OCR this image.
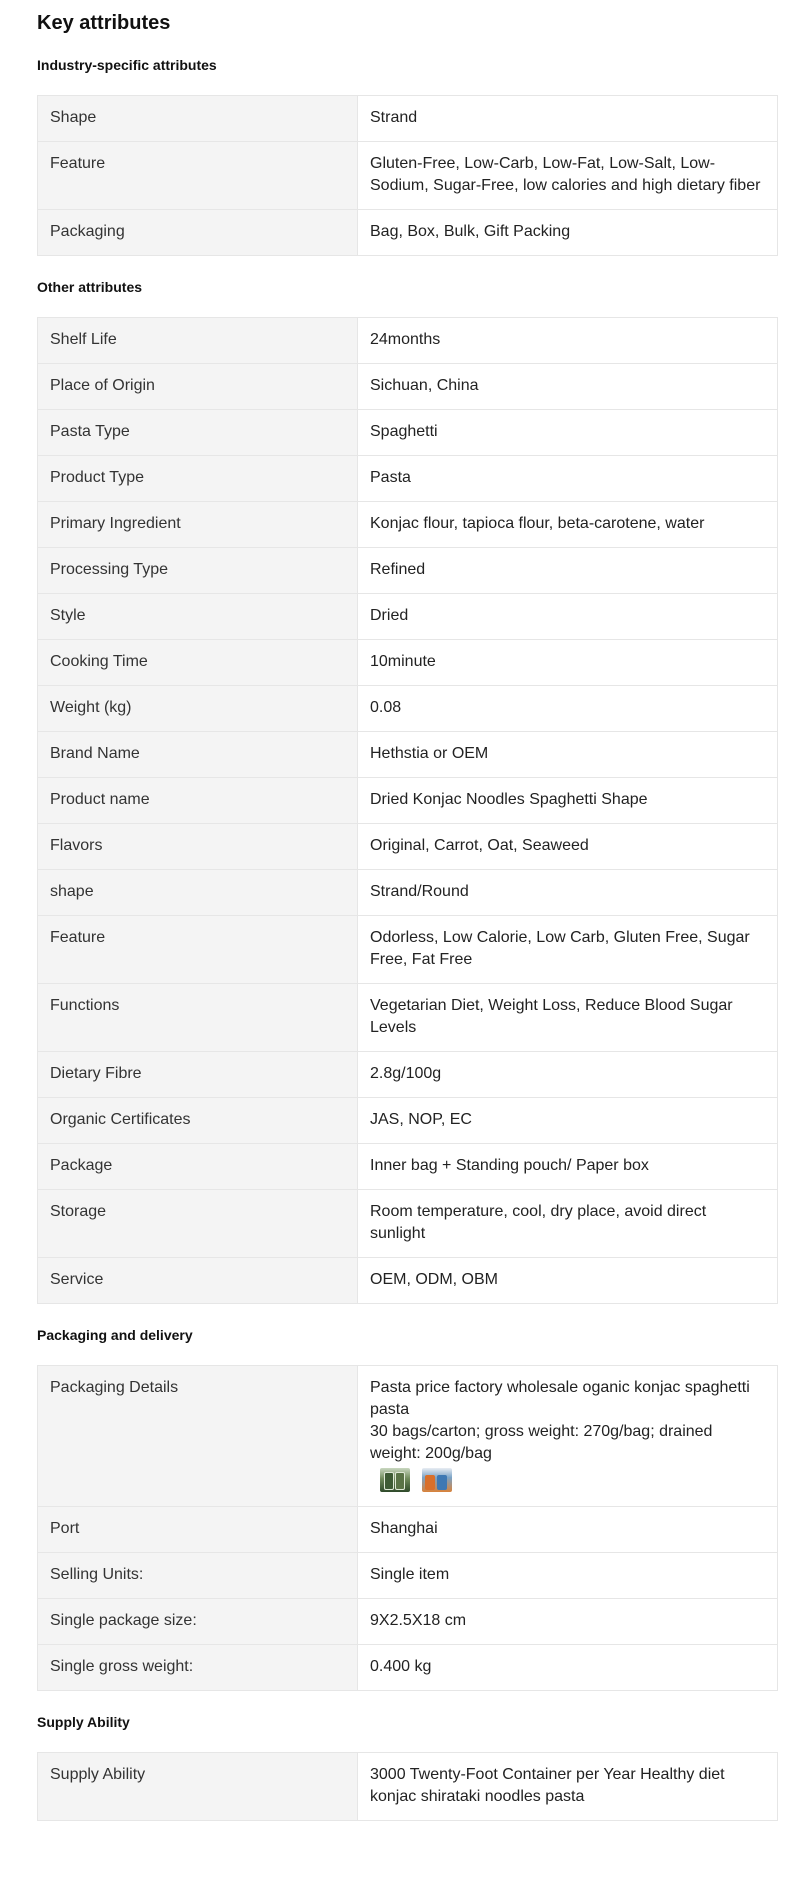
Key attributes
Industry-specific attributes
Shape	Strand
Feature	Gluten-Free, Low-Carb, Low-Fat, Low-Salt, Low-Sodium, Sugar-Free, low calories and high dietary fiber
Packaging	Bag, Box, Bulk, Gift Packing
Other attributes
Shelf Life	24months
Place of Origin	Sichuan, China
Pasta Type	Spaghetti
Product Type	Pasta
Primary Ingredient	Konjac flour, tapioca flour, beta-carotene, water
Processing Type	Refined
Style	Dried
Cooking Time	10minute
Weight (kg)	0.08
Brand Name	Hethstia or OEM
Product name	Dried Konjac Noodles Spaghetti Shape
Flavors	Original, Carrot, Oat, Seaweed
shape	Strand/Round
Feature	Odorless, Low Calorie, Low Carb, Gluten Free, Sugar Free, Fat Free
Functions	Vegetarian Diet, Weight Loss, Reduce Blood Sugar Levels
Dietary Fibre	2.8g/100g
Organic Certificates	JAS, NOP, EC
Package	Inner bag + Standing pouch/ Paper box
Storage	Room temperature, cool, dry place, avoid direct sunlight
Service	OEM, ODM, OBM
Packaging and delivery
Packaging Details	Pasta price factory wholesale oganic konjac spaghetti pasta
30 bags/carton; gross weight: 270g/bag; drained weight: 200g/bag

Port	Shanghai
Selling Units:	Single item
Single package size:	9X2.5X18 cm
Single gross weight:	0.400 kg
Supply Ability
Supply Ability	3000 Twenty-Foot Container per Year Healthy diet konjac shirataki noodles pasta
